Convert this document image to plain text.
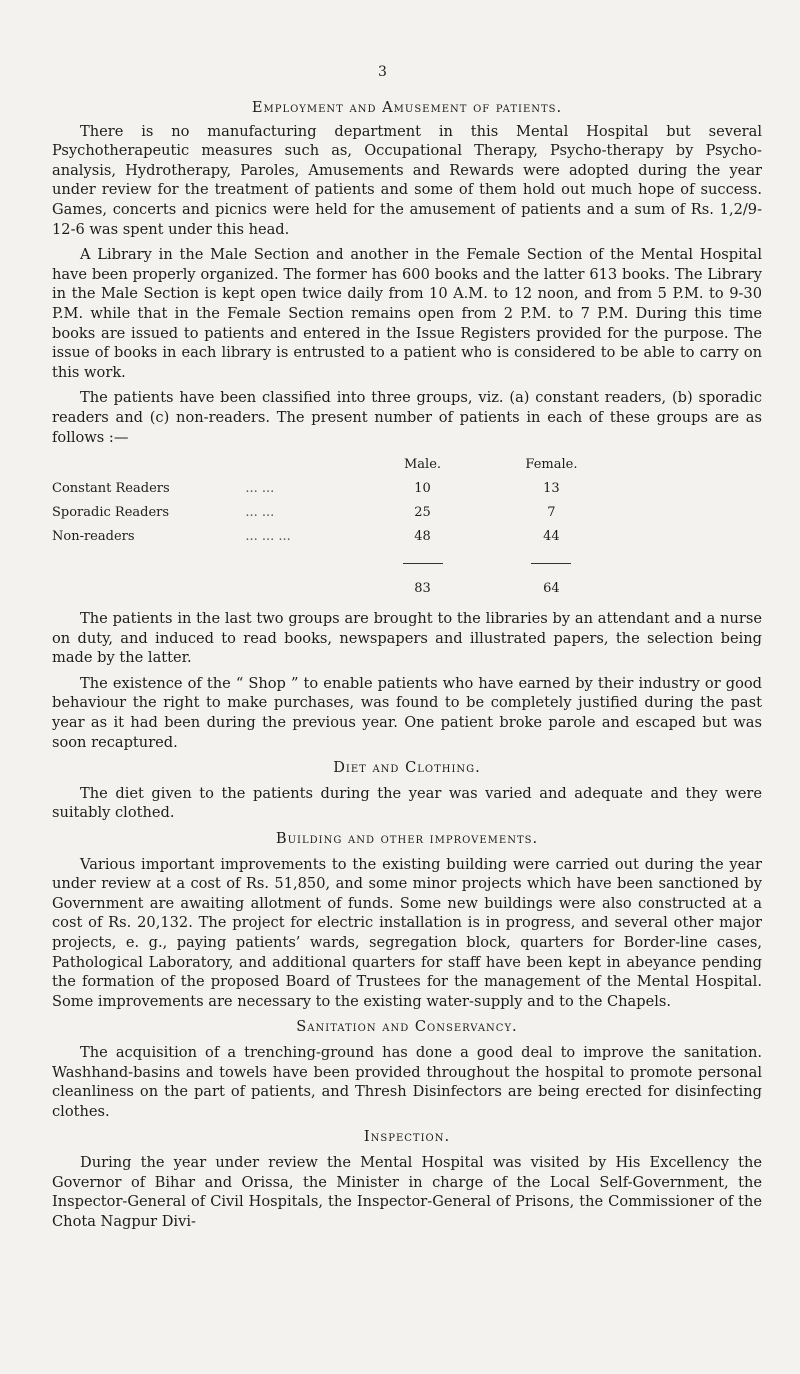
3
Employment and Amusement of patients.

There is no manufacturing department in this Mental Hospital but several Psychotherapeutic measures such as, Occupational Therapy, Psycho-therapy by Psycho-analysis, Hydrotherapy, Paroles, Amusements and Rewards were adopted during the year under review for the treatment of patients and some of them hold out much hope of success. Games, concerts and picnics were held for the amusement of patients and a sum of Rs. 1,2/9-12-6 was spent under this head.

A Library in the Male Section and another in the Female Section of the Mental Hospital have been properly organized. The former has 600 books and the latter 613 books. The Library in the Male Section is kept open twice daily from 10 A.M. to 12 noon, and from 5 P.M. to 9-30 P.M. while that in the Female Section remains open from 2 P.M. to 7 P.M. During this time books are issued to patients and entered in the Issue Registers provided for the purpose. The issue of books in each library is entrusted to a patient who is considered to be able to carry on this work.

The patients have been classified into three groups, viz. (a) constant readers, (b) sporadic readers and (c) non-readers. The present number of patients in each of these groups are as follows :—

		Male.	Female.
Constant Readers	... ...	10	13
Sporadic Readers	... ...	25	7
Non-readers	... ... ...	48	44

		83	64

The patients in the last two groups are brought to the libraries by an attendant and a nurse on duty, and induced to read books, newspapers and illustrated papers, the selection being made by the latter.

The existence of the “ Shop ” to enable patients who have earned by their industry or good behaviour the right to make purchases, was found to be completely justified during the past year as it had been during the previous year. One patient broke parole and escaped but was soon recaptured.

Diet and Clothing.

The diet given to the patients during the year was varied and adequate and they were suitably clothed.

Building and other improvements.

Various important improvements to the existing building were carried out during the year under review at a cost of Rs. 51,850, and some minor projects which have been sanctioned by Government are awaiting allotment of funds. Some new buildings were also constructed at a cost of Rs. 20,132. The project for electric installation is in progress, and several other major projects, e. g., paying patients’ wards, segregation block, quarters for Border-line cases, Pathological Laboratory, and additional quarters for staff have been kept in abeyance pending the formation of the proposed Board of Trustees for the management of the Mental Hospital. Some improvements are necessary to the existing water-supply and to the Chapels.

Sanitation and Conservancy.

The acquisition of a trenching-ground has done a good deal to improve the sanitation. Washhand-basins and towels have been provided throughout the hospital to promote personal cleanliness on the part of patients, and Thresh Disinfectors are being erected for disinfecting clothes.

Inspection.

During the year under review the Mental Hospital was visited by His Excellency the Governor of Bihar and Orissa, the Minister in charge of the Local Self-Government, the Inspector-General of Civil Hospitals, the Inspector-General of Prisons, the Commissioner of the Chota Nagpur Divi-
